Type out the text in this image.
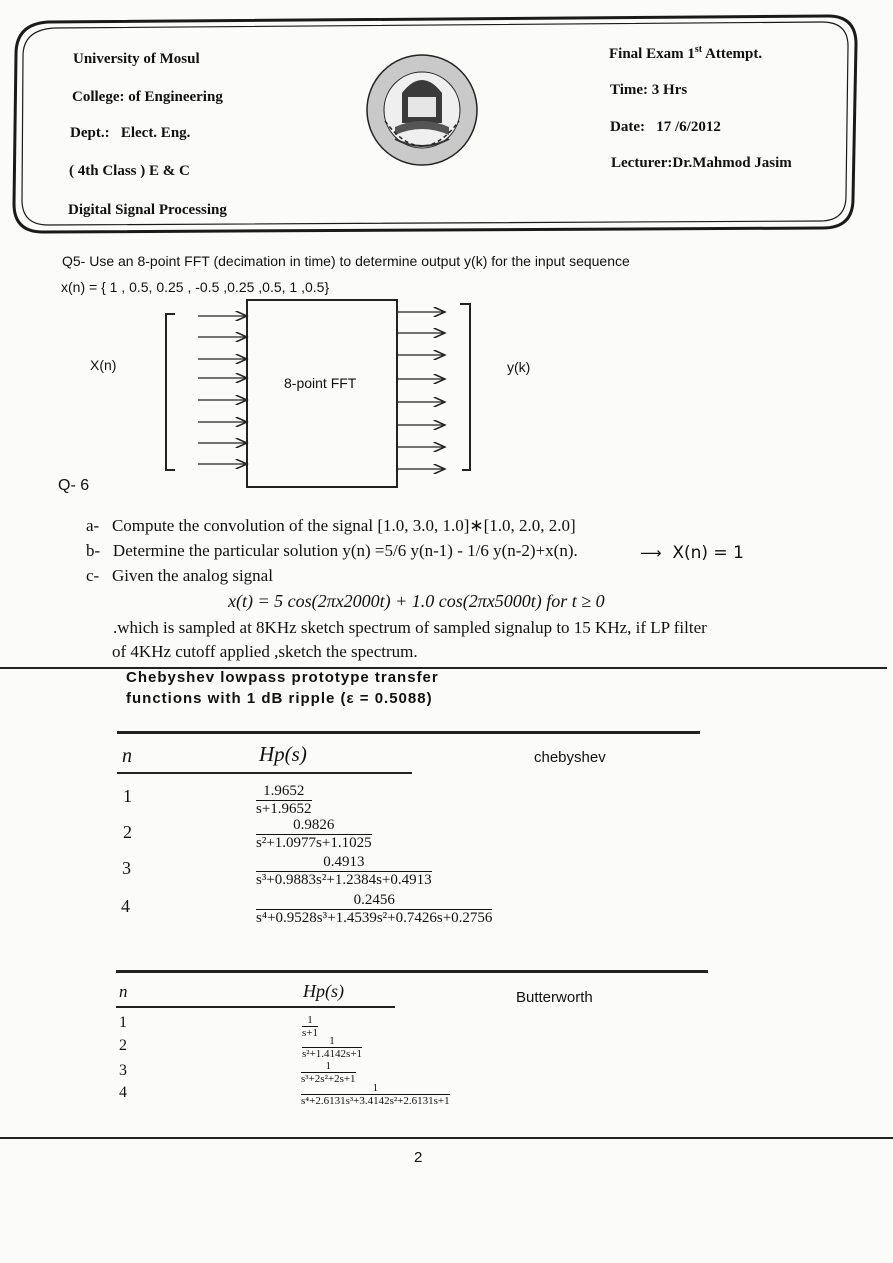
University of Mosul
College: of Engineering
Dept.: Elect. Eng.
( 4th Class ) E & C
Digital Signal Processing
Final Exam 1st Attempt.
Time: 3 Hrs
Date: 17 /6/2012
Lecturer:Dr.Mahmod Jasim
Q5- Use an 8-point FFT (decimation in time) to determine output y(k) for the input sequence
x(n) = { 1 , 0.5, 0.25 , -0.5 ,0.25 ,0.5, 1 ,0.5}
X(n)	y(k)
8-point FFT
Q- 6
a- Compute the convolution of the signal [1.0, 3.0, 1.0]∗[1.0, 2.0, 2.0]
b- Determine the particular solution y(n) =5/6 y(n-1) - 1/6 y(n-2)+x(n).	⟶ X(n) = 1
c- Given the analog signal
x(t) = 5 cos(2πx2000t) + 1.0 cos(2πx5000t) for t ≥ 0
.which is sampled at 8KHz sketch spectrum of sampled signalup to 15 KHz, if LP filter
of 4KHz cutoff applied ,sketch the spectrum.
Chebyshev lowpass prototype transfer
functions with 1 dB ripple (ε = 0.5088)
n	Hp(s)	chebyshev
1	$\frac{1.9652}{s+1.9652}$
2	$\frac{0.9826}{\text{s²+1.0977s+1.1025}}$
3	$\frac{0.4913}{\text{s³+0.9883s²+1.2384s+0.4913}}$
4	$\frac{0.2456}{\text{s⁴+0.9528s³+1.4539s²+0.7426s+0.2756}}$
n	Hp(s)	Butterworth
1	$\frac{1}{s+1}$
2	$\frac{1}{\text{s²+1.4142s+1}}$
3	$\frac{1}{\text{s³+2s²+2s+1}}$
4	$\frac{1}{\text{s⁴+2.6131s³+3.4142s²+2.6131s+1}}$
2
